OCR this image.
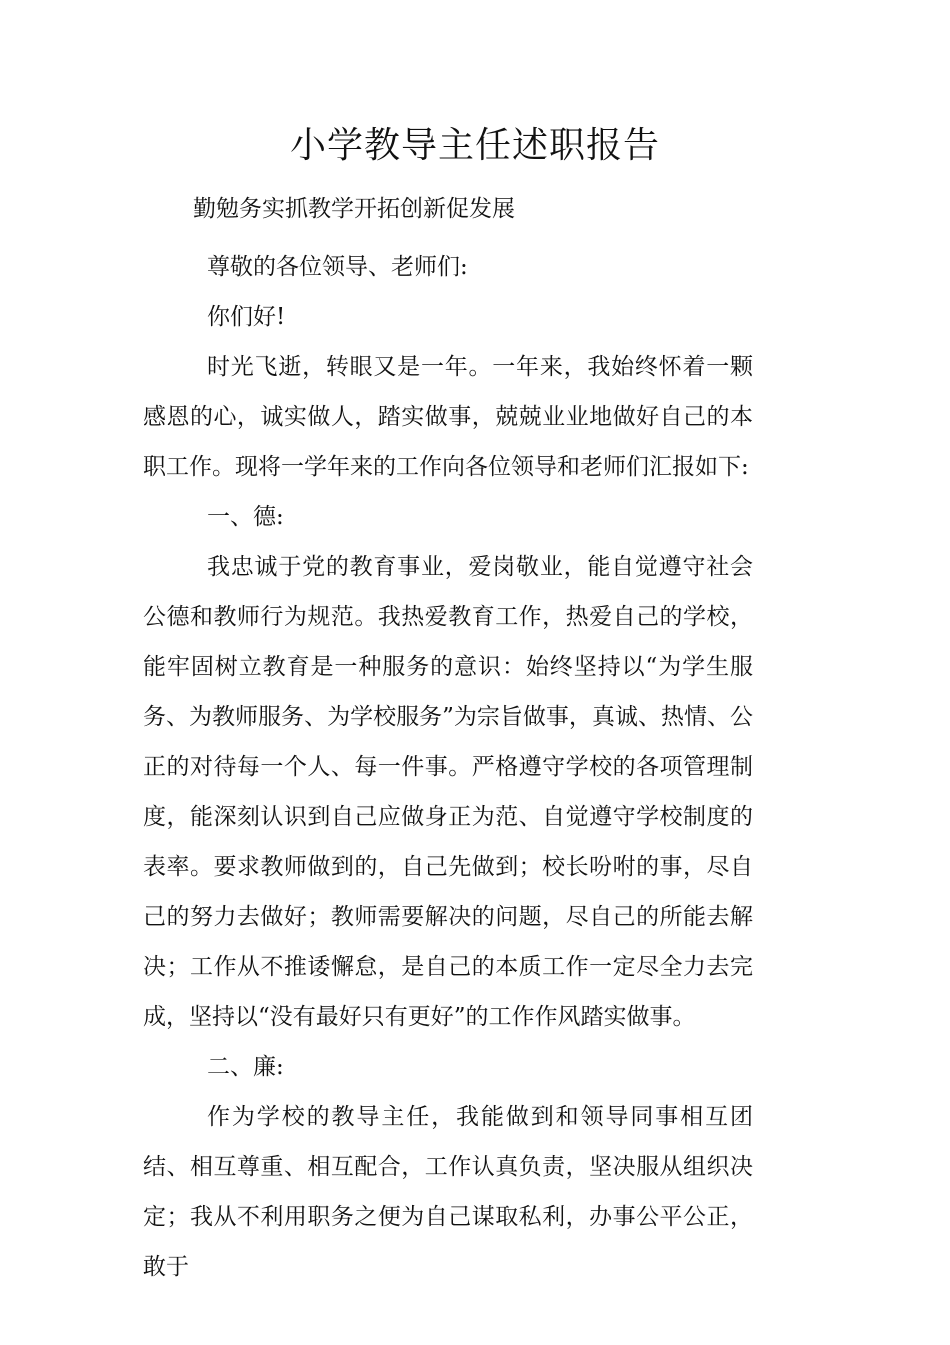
小学教导主任述职报告
勤勉务实抓教学开拓创新促发展

尊敬的各位领导、老师们:

你们好!

时光飞逝，转眼又是一年。一年来，我始终怀着一颗感恩的心，诚实做人，踏实做事，兢兢业业地做好自己的本职工作。现将一学年来的工作向各位领导和老师们汇报如下:

一、德:

我忠诚于党的教育事业，爱岗敬业，能自觉遵守社会公德和教师行为规范。我热爱教育工作，热爱自己的学校，能牢固树立教育是一种服务的意识：始终坚持以“为学生服务、为教师服务、为学校服务”为宗旨做事，真诚、热情、公正的对待每一个人、每一件事。严格遵守学校的各项管理制度，能深刻认识到自己应做身正为范、自觉遵守学校制度的表率。要求教师做到的，自己先做到；校长吩咐的事，尽自己的努力去做好；教师需要解决的问题，尽自己的所能去解决；工作从不推诿懈怠，是自己的本质工作一定尽全力去完成，坚持以“没有最好只有更好”的工作作风踏实做事。

二、廉:

作为学校的教导主任，我能做到和领导同事相互团结、相互尊重、相互配合，工作认真负责，坚决服从组织决定；我从不利用职务之便为自己谋取私利，办事公平公正，敢于
